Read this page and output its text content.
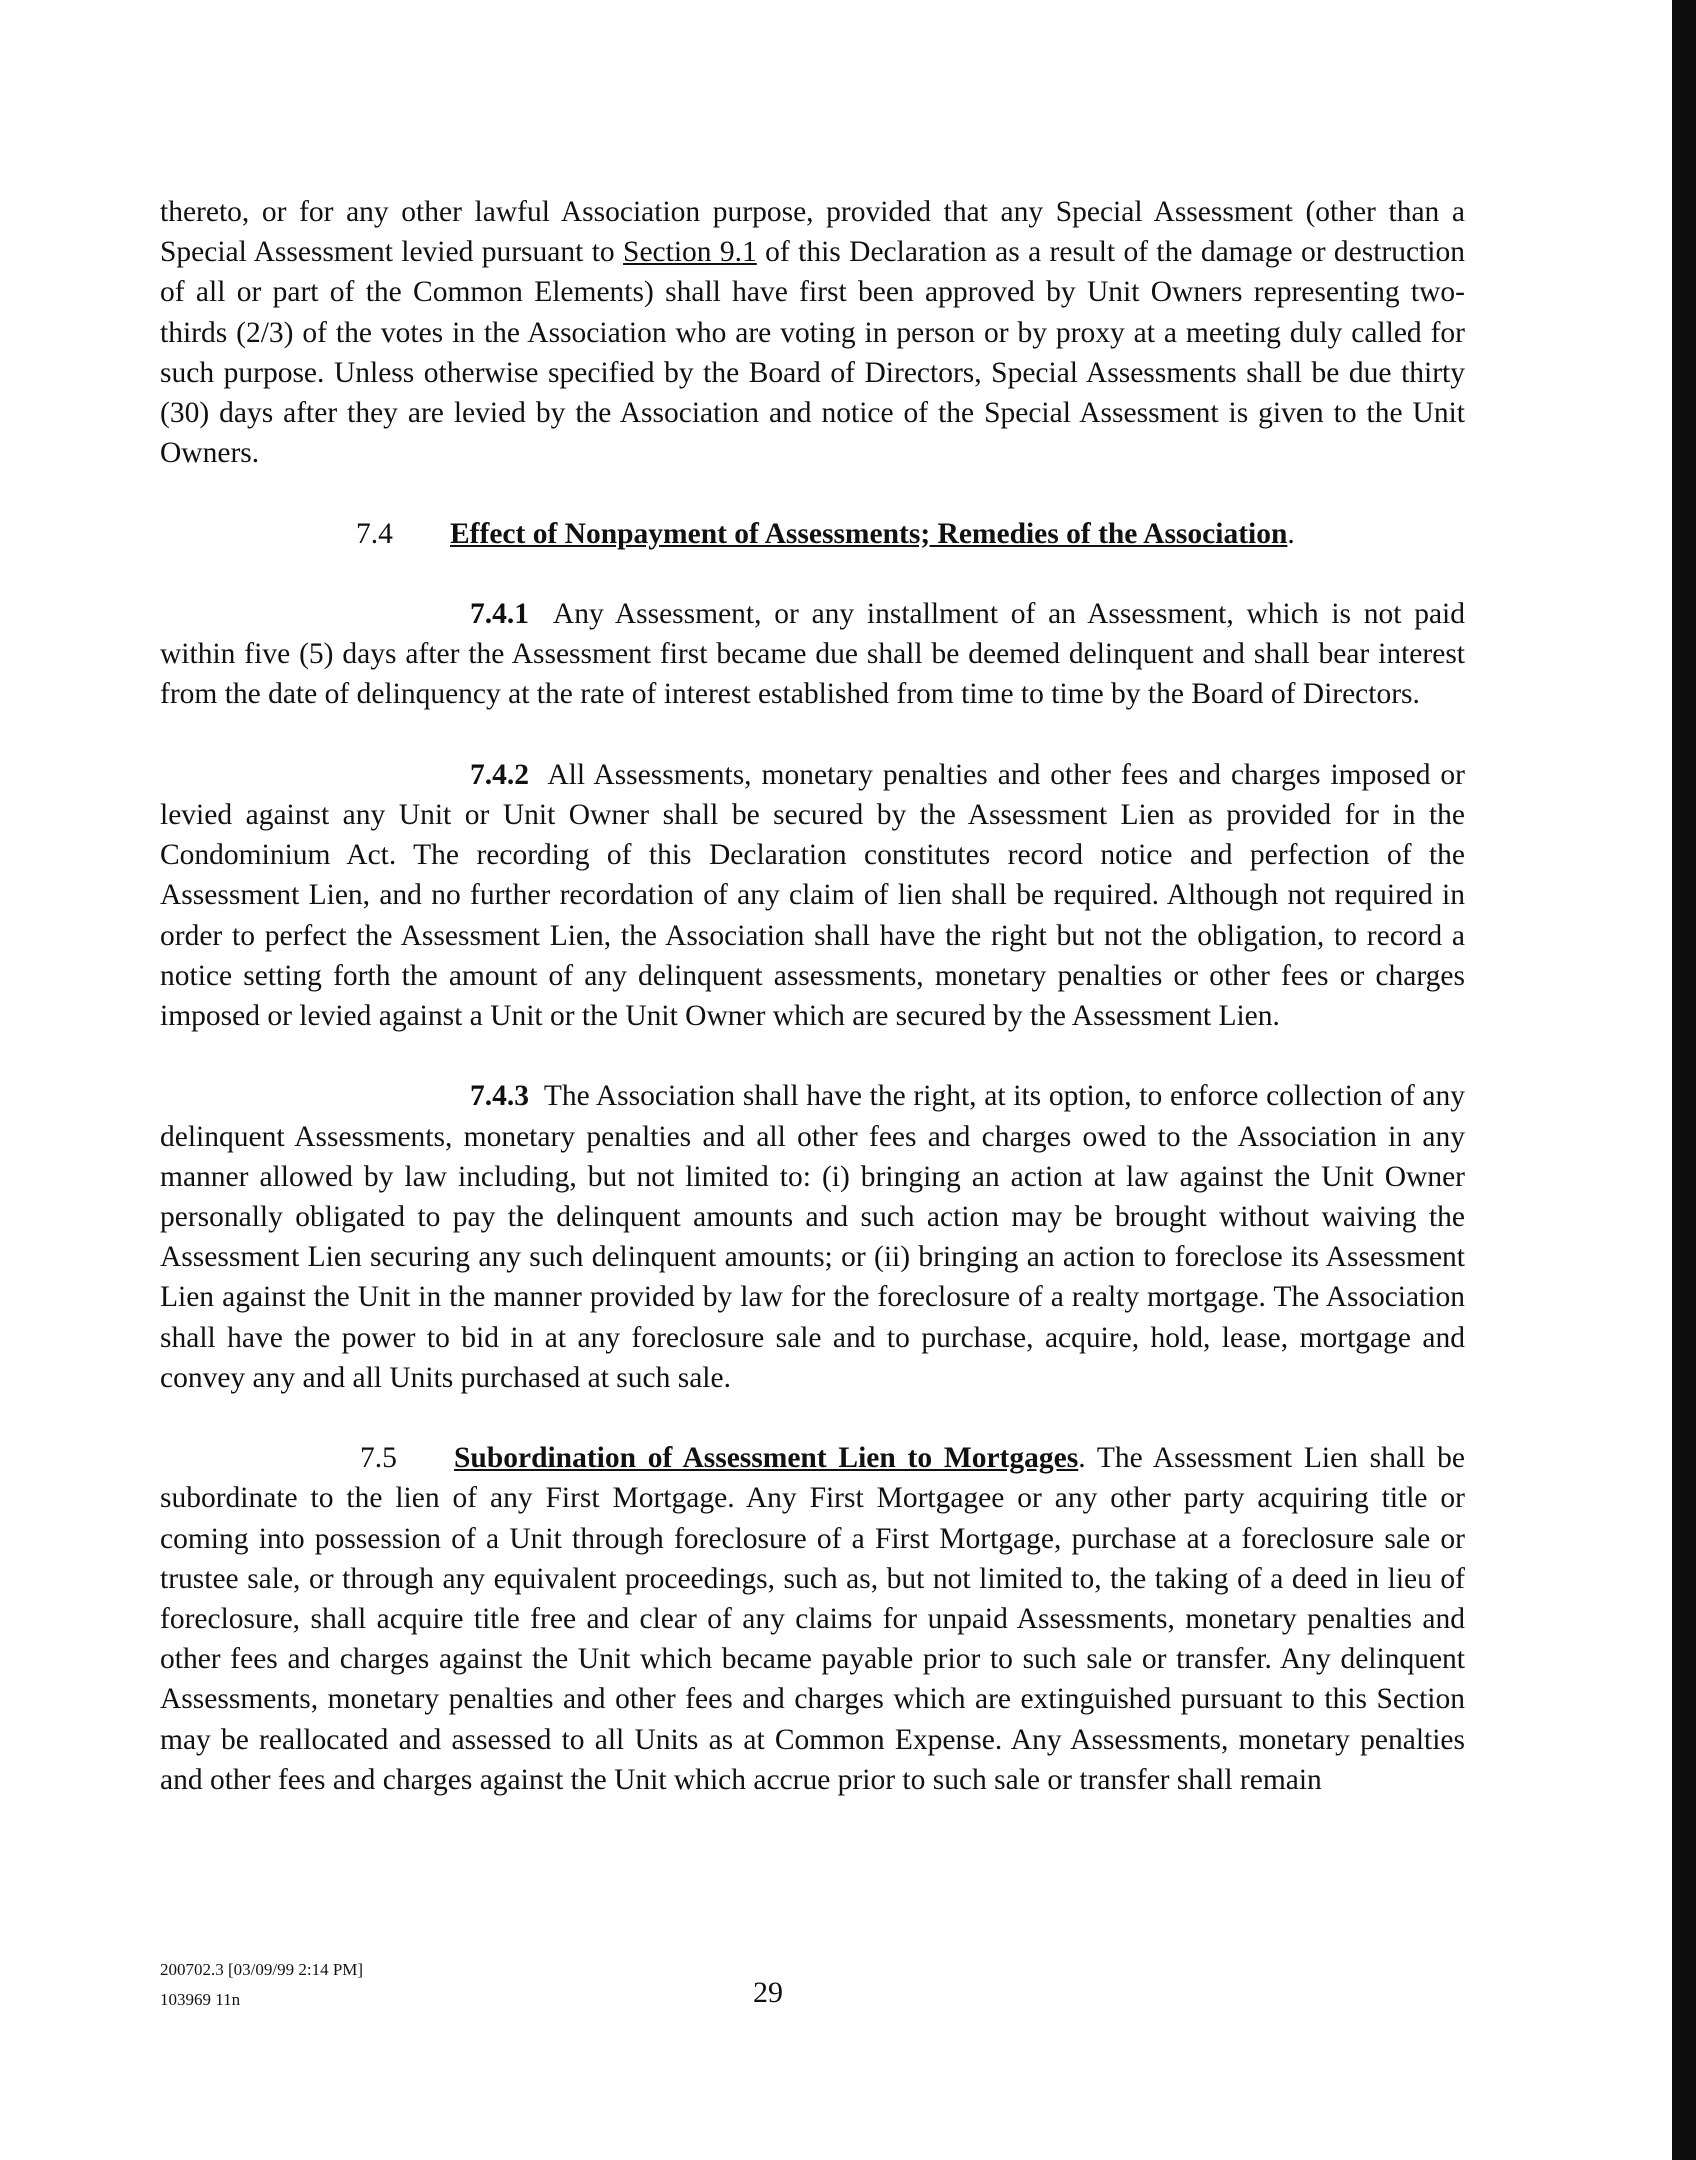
thereto, or for any other lawful Association purpose, provided that any Special Assessment (other than a Special Assessment levied pursuant to Section 9.1 of this Declaration as a result of the damage or destruction of all or part of the Common Elements) shall have first been approved by Unit Owners representing two-thirds (2/3) of the votes in the Association who are voting in person or by proxy at a meeting duly called for such purpose. Unless otherwise specified by the Board of Directors, Special Assessments shall be due thirty (30) days after they are levied by the Association and notice of the Special Assessment is given to the Unit Owners.

7.4 Effect of Nonpayment of Assessments; Remedies of the Association.

7.4.1 Any Assessment, or any installment of an Assessment, which is not paid within five (5) days after the Assessment first became due shall be deemed delinquent and shall bear interest from the date of delinquency at the rate of interest established from time to time by the Board of Directors.

7.4.2 All Assessments, monetary penalties and other fees and charges imposed or levied against any Unit or Unit Owner shall be secured by the Assessment Lien as provided for in the Condominium Act. The recording of this Declaration constitutes record notice and perfection of the Assessment Lien, and no further recordation of any claim of lien shall be required. Although not required in order to perfect the Assessment Lien, the Association shall have the right but not the obligation, to record a notice setting forth the amount of any delinquent assessments, monetary penalties or other fees or charges imposed or levied against a Unit or the Unit Owner which are secured by the Assessment Lien.

7.4.3 The Association shall have the right, at its option, to enforce collection of any delinquent Assessments, monetary penalties and all other fees and charges owed to the Association in any manner allowed by law including, but not limited to: (i) bringing an action at law against the Unit Owner personally obligated to pay the delinquent amounts and such action may be brought without waiving the Assessment Lien securing any such delinquent amounts; or (ii) bringing an action to foreclose its Assessment Lien against the Unit in the manner provided by law for the foreclosure of a realty mortgage. The Association shall have the power to bid in at any foreclosure sale and to purchase, acquire, hold, lease, mortgage and convey any and all Units purchased at such sale.

7.5 Subordination of Assessment Lien to Mortgages. The Assessment Lien shall be subordinate to the lien of any First Mortgage. Any First Mortgagee or any other party acquiring title or coming into possession of a Unit through foreclosure of a First Mortgage, purchase at a foreclosure sale or trustee sale, or through any equivalent proceedings, such as, but not limited to, the taking of a deed in lieu of foreclosure, shall acquire title free and clear of any claims for unpaid Assessments, monetary penalties and other fees and charges against the Unit which became payable prior to such sale or transfer. Any delinquent Assessments, monetary penalties and other fees and charges which are extinguished pursuant to this Section may be reallocated and assessed to all Units as at Common Expense. Any Assessments, monetary penalties and other fees and charges against the Unit which accrue prior to such sale or transfer shall remain

200702.3 [03/09/99 2:14 PM]
103969 11n	29
